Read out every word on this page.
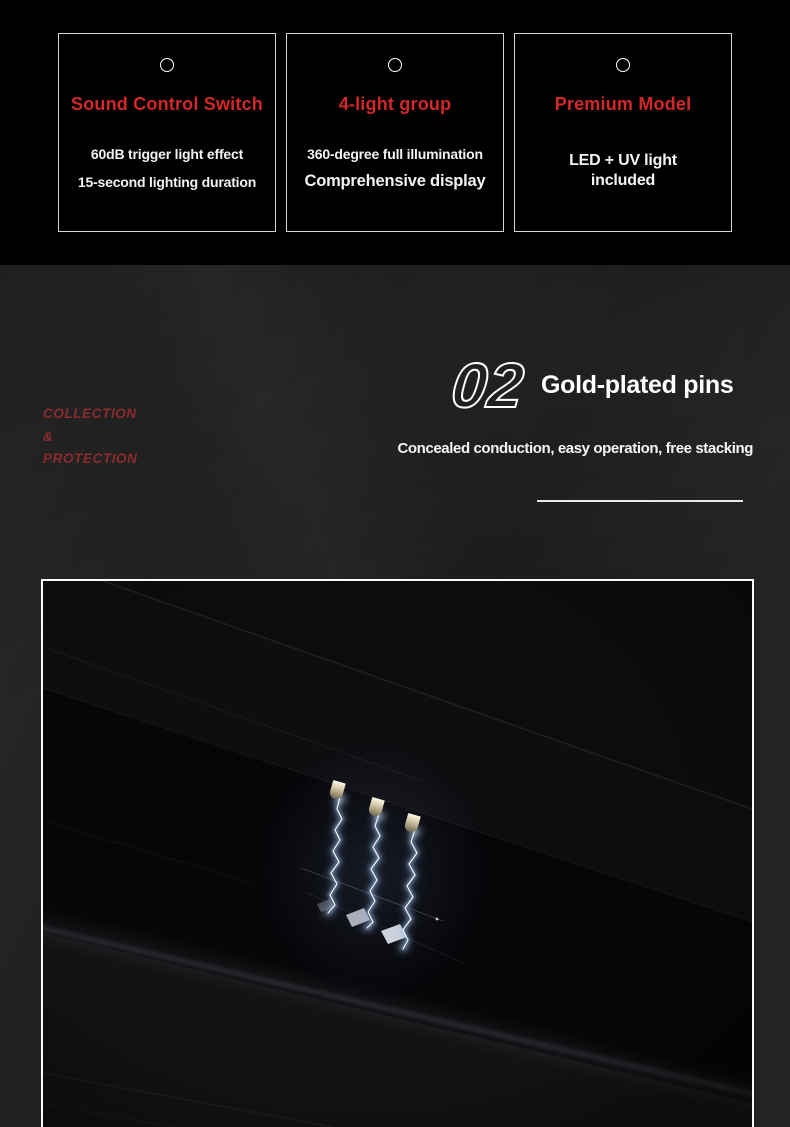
Sound Control Switch
60dB trigger light effect
15-second lighting duration
4-light group
360-degree full illumination
Comprehensive display
Premium Model
LED + UV light
included
COLLECTION
&
PROTECTION
02 Gold-plated pins
Concealed conduction, easy operation, free stacking
